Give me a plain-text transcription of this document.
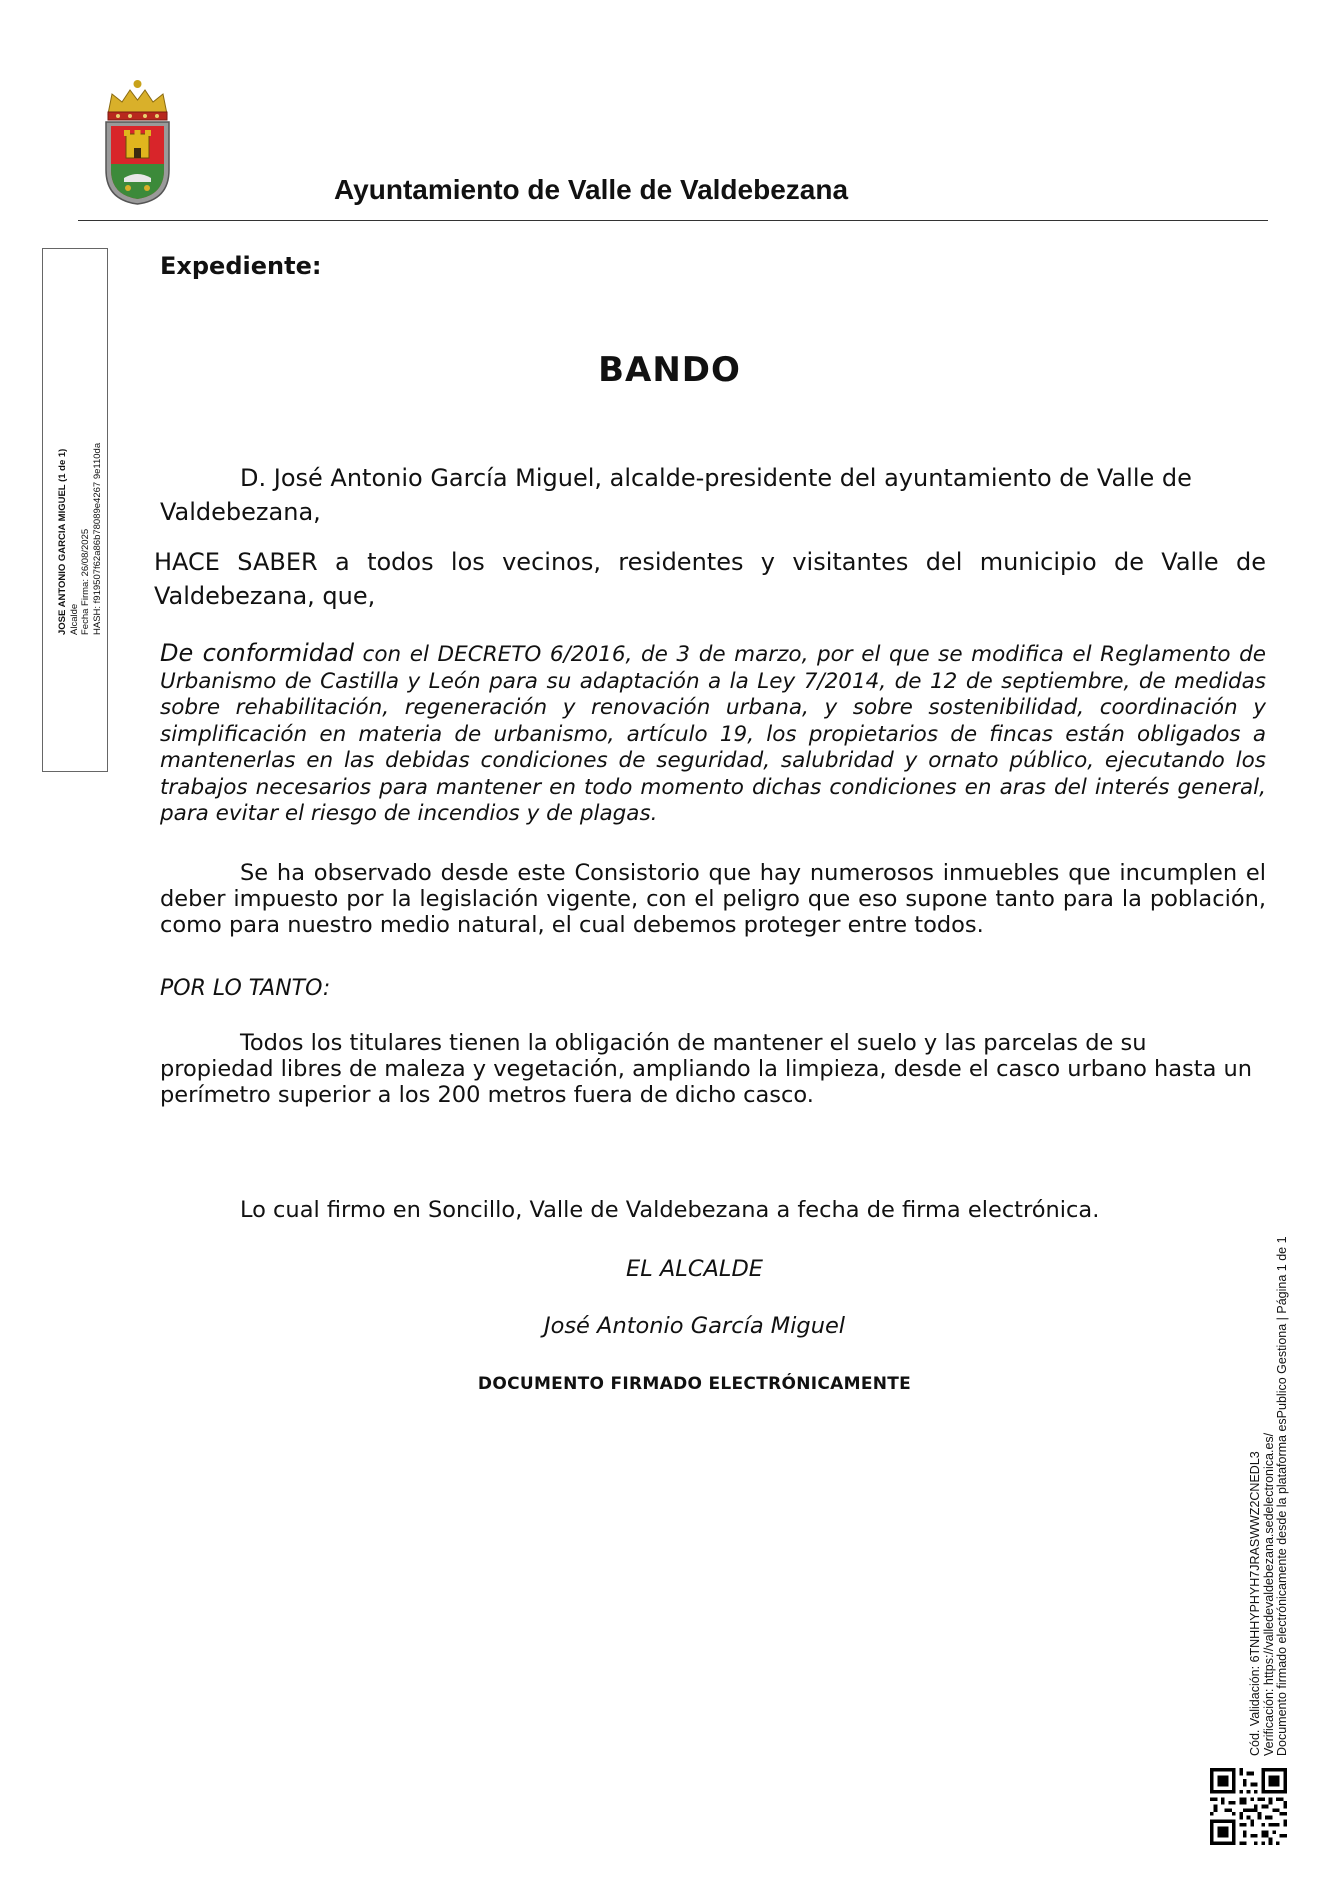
Ayuntamiento de Valle de Valdebezana
JOSE ANTONIO GARCIA MIGUEL (1 de 1) Alcalde Fecha Firma: 26/08/2025 HASH: f919507f62a86b78089e4267 9e110da
Expediente:
BANDO
D. José Antonio García Miguel, alcalde-presidente del ayuntamiento de Valle de
Valdebezana,
HACE SABER a todos los vecinos, residentes y visitantes del municipio de Valle de Valdebezana, que,
De conformidad con el DECRETO 6/2016, de 3 de marzo, por el que se modifica el Reglamento de Urbanismo de Castilla y León para su adaptación a la Ley 7/2014, de 12 de septiembre, de medidas sobre rehabilitación, regeneración y renovación urbana, y sobre sostenibilidad, coordinación y simplificación en materia de urbanismo, artículo 19, los propietarios de fincas están obligados a mantenerlas en las debidas condiciones de seguridad, salubridad y ornato público, ejecutando los trabajos necesarios para mantener en todo momento dichas condiciones en aras del interés general, para evitar el riesgo de incendios y de plagas.
Se ha observado desde este Consistorio que hay numerosos inmuebles que incumplen el deber impuesto por la legislación vigente, con el peligro que eso supone tanto para la población, como para nuestro medio natural, el cual debemos proteger entre todos.
POR LO TANTO:
Todos los titulares tienen la obligación de mantener el suelo y las parcelas de su
propiedad libres de maleza y vegetación, ampliando la limpieza, desde el casco urbano hasta un
perímetro superior a los 200 metros fuera de dicho casco.
Lo cual firmo en Soncillo, Valle de Valdebezana a fecha de firma electrónica.
EL ALCALDE
José Antonio García Miguel
DOCUMENTO FIRMADO ELECTRÓNICAMENTE
Cód. Validación: 6TNHHYPHYH7JRASWWZ2CNEDL3 Verificación: https://valledevaldebezana.sedelectronica.es/ Documento firmado electrónicamente desde la plataforma esPublico Gestiona | Página 1 de 1
